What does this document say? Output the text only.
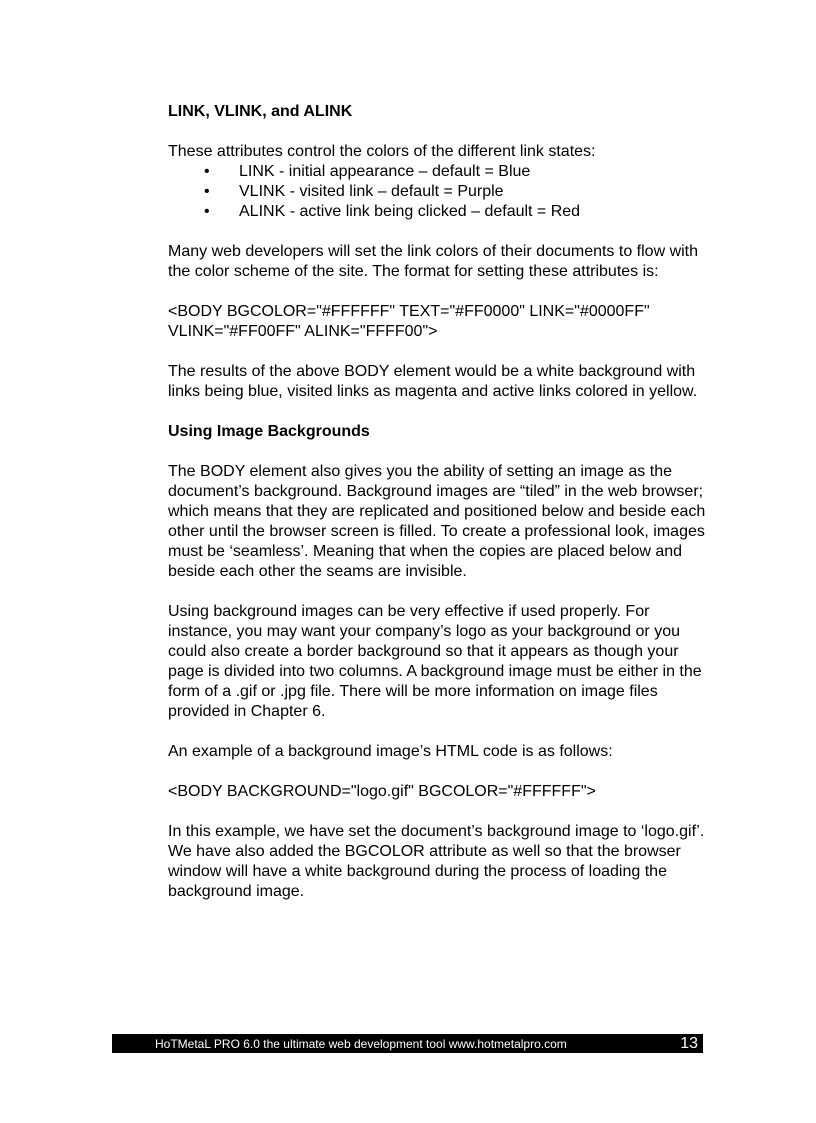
LINK, VLINK, and ALINK

These attributes control the colors of the different link states:

• LINK - initial appearance – default = Blue
• VLINK - visited link – default = Purple
• ALINK - active link being clicked – default = Red

Many web developers will set the link colors of their documents to flow with the color scheme of the site. The format for setting these attributes is:

<BODY BGCOLOR="#FFFFFF" TEXT="#FF0000" LINK="#0000FF" VLINK="#FF00FF" ALINK="FFFF00">

The results of the above BODY element would be a white background with links being blue, visited links as magenta and active links colored in yellow.

Using Image Backgrounds

The BODY element also gives you the ability of setting an image as the document’s background. Background images are “tiled” in the web browser; which means that they are replicated and positioned below and beside each other until the browser screen is filled. To create a professional look, images must be ‘seamless’. Meaning that when the copies are placed below and beside each other the seams are invisible.

Using background images can be very effective if used properly. For instance, you may want your company’s logo as your background or you could also create a border background so that it appears as though your page is divided into two columns. A background image must be either in the form of a .gif or .jpg file. There will be more information on image files provided in Chapter 6.

An example of a background image’s HTML code is as follows:

<BODY BACKGROUND="logo.gif" BGCOLOR="#FFFFFF">

In this example, we have set the document’s background image to ‘logo.gif’. We have also added the BGCOLOR attribute as well so that the browser window will have a white background during the process of loading the background image.

HoTMetaL PRO 6.0 the ultimate web development tool www.hotmetalpro.com	13
